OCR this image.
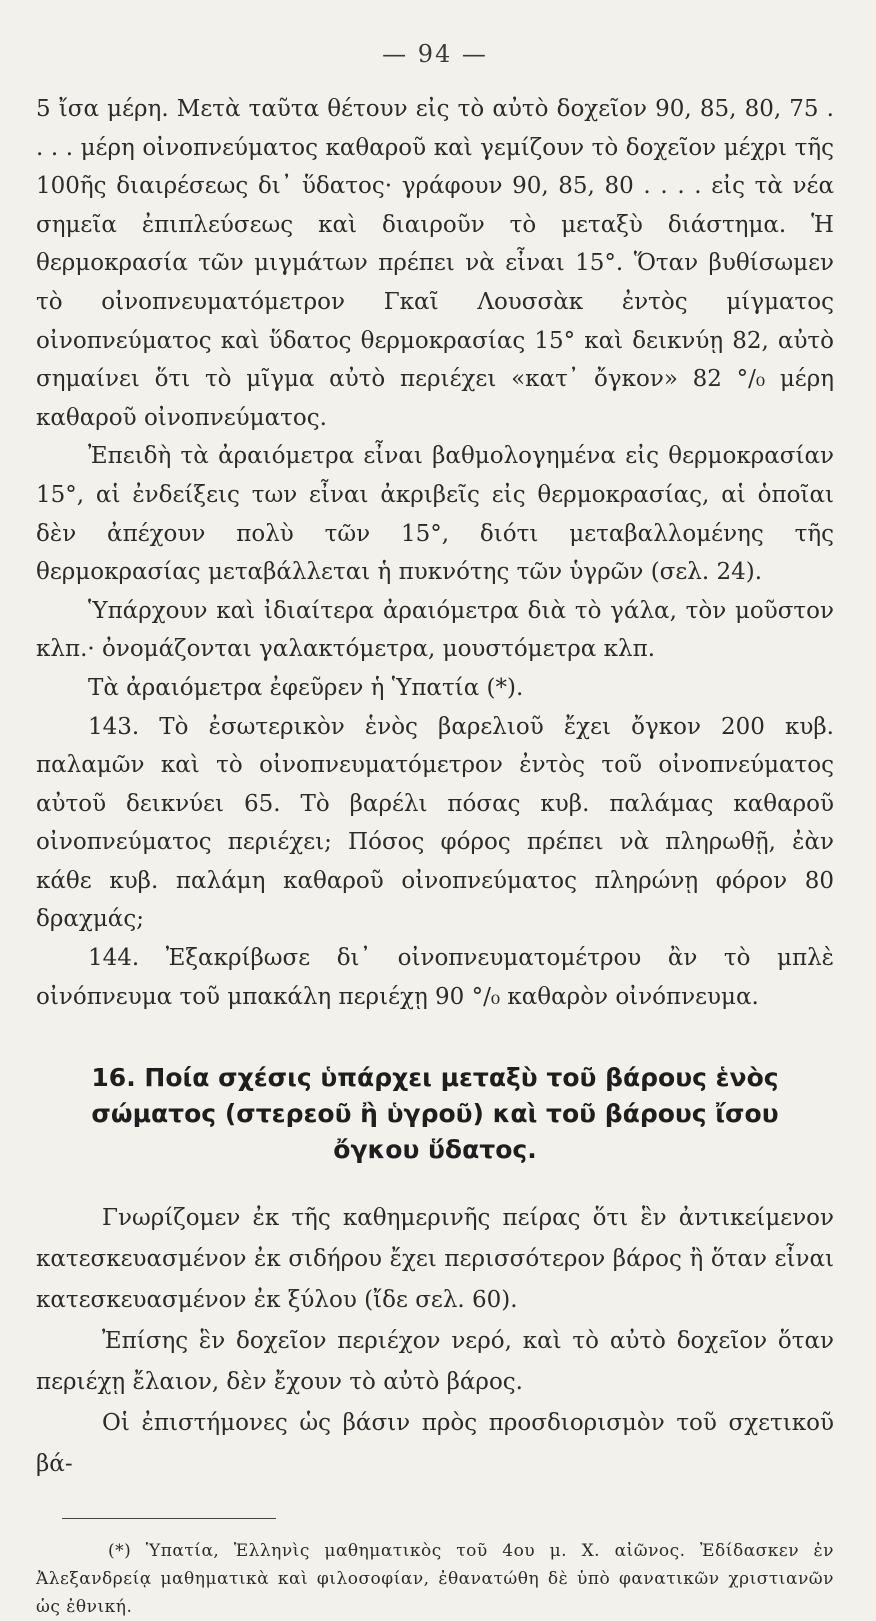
— 94 —

5 ἴσα μέρη. Μετὰ ταῦτα θέτουν εἰς τὸ αὐτὸ δοχεῖον 90, 85, 80, 75 . . . . μέρη οἰνοπνεύματος καθαροῦ καὶ γεμίζουν τὸ δοχεῖον μέχρι τῆς 100ῆς διαιρέσεως δι᾽ ὕδατος· γράφουν 90, 85, 80 . . . . εἰς τὰ νέα σημεῖα ἐπιπλεύσεως καὶ διαιροῦν τὸ μεταξὺ διάστημα. Ἡ θερμοκρασία τῶν μιγμάτων πρέπει νὰ εἶναι 15°. Ὅταν βυθίσωμεν τὸ οἰνοπνευματόμετρον Γκαῖ Λουσσὰκ ἐντὸς μίγματος οἰνοπνεύματος καὶ ὕδατος θερμοκρασίας 15° καὶ δεικνύῃ 82, αὐτὸ σημαίνει ὅτι τὸ μῖγμα αὐτὸ περιέχει «κατ᾽ ὄγκον» 82 °/₀ μέρη καθαροῦ οἰνοπνεύματος.

Ἐπειδὴ τὰ ἀραιόμετρα εἶναι βαθμολογημένα εἰς θερμοκρασίαν 15°, αἱ ἐνδείξεις των εἶναι ἀκριβεῖς εἰς θερμοκρασίας, αἱ ὁποῖαι δὲν ἀπέχουν πολὺ τῶν 15°, διότι μεταβαλλομένης τῆς θερμοκρασίας μεταβάλλεται ἡ πυκνότης τῶν ὑγρῶν (σελ. 24).

Ὑπάρχουν καὶ ἰδιαίτερα ἀραιόμετρα διὰ τὸ γάλα, τὸν μοῦστον κλπ.· ὀνομάζονται γαλακτόμετρα, μουστόμετρα κλπ.

Τὰ ἀραιόμετρα ἐφεῦρεν ἡ Ὑπατία (*).

143. Τὸ ἐσωτερικὸν ἑνὸς βαρελιοῦ ἔχει ὄγκον 200 κυβ. παλαμῶν καὶ τὸ οἰνοπνευματόμετρον ἐντὸς τοῦ οἰνοπνεύματος αὐτοῦ δεικνύει 65. Τὸ βαρέλι πόσας κυβ. παλάμας καθαροῦ οἰνοπνεύματος περιέχει; Πόσος φόρος πρέπει νὰ πληρωθῇ, ἐὰν κάθε κυβ. παλάμη καθαροῦ οἰνοπνεύματος πληρώνῃ φόρον 80 δραχμάς;

144. Ἐξακρίβωσε δι᾽ οἰνοπνευματομέτρου ἂν τὸ μπλὲ οἰνόπνευμα τοῦ μπακάλη περιέχῃ 90 °/₀ καθαρὸν οἰνόπνευμα.

16. Ποία σχέσις ὑπάρχει μεταξὺ τοῦ βάρους ἑνὸς σώματος (στερεοῦ ἢ ὑγροῦ) καὶ τοῦ βάρους ἴσου ὄγκου ὕδατος.

Γνωρίζομεν ἐκ τῆς καθημερινῆς πείρας ὅτι ἓν ἀντικείμενον κατεσκευασμένον ἐκ σιδήρου ἔχει περισσότερον βάρος ἢ ὅταν εἶναι κατεσκευασμένον ἐκ ξύλου (ἴδε σελ. 60).

Ἐπίσης ἓν δοχεῖον περιέχον νερό, καὶ τὸ αὐτὸ δοχεῖον ὅταν περιέχῃ ἔλαιον, δὲν ἔχουν τὸ αὐτὸ βάρος.

Οἱ ἐπιστήμονες ὡς βάσιν πρὸς προσδιορισμὸν τοῦ σχετικοῦ βά-

(*) Ὑπατία, Ἑλληνὶς μαθηματικὸς τοῦ 4ου μ. Χ. αἰῶνος. Ἐδίδασκεν ἐν Ἀλεξανδρείᾳ μαθηματικὰ καὶ φιλοσοφίαν, ἐθανατώθη δὲ ὑπὸ φανατικῶν χριστιανῶν ὡς ἐθνική.
